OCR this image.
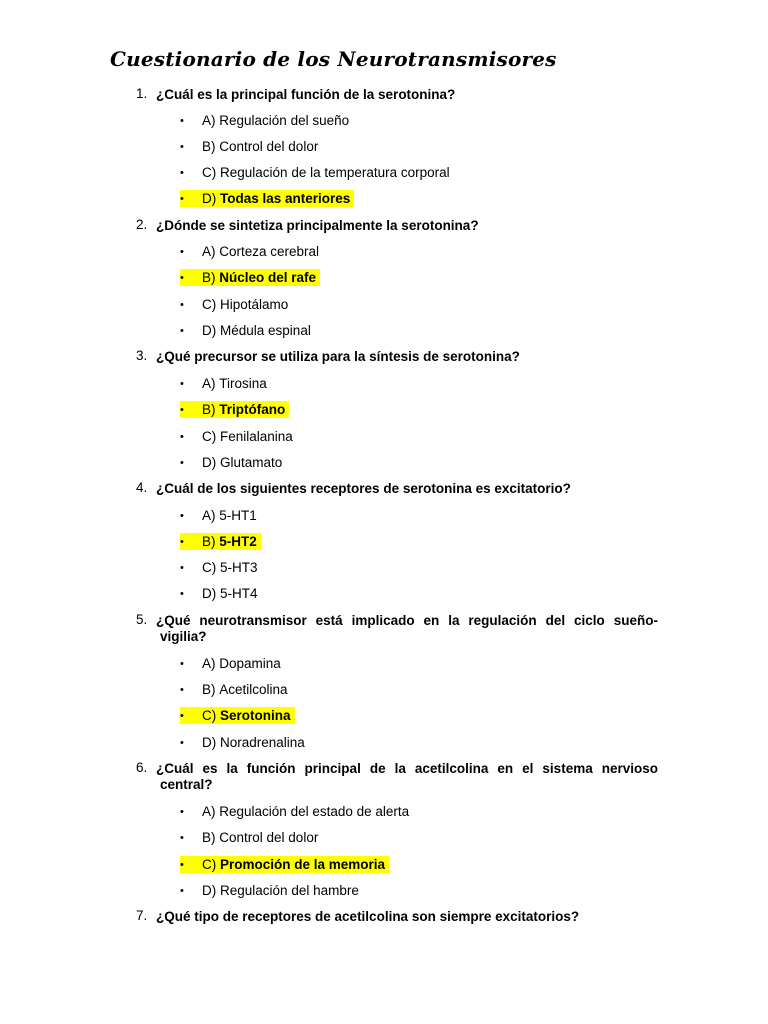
Cuestionario de los Neurotransmisores
1. ¿Cuál es la principal función de la serotonina?
•	A)
Regulación del sueño
•	B)
Control del dolor
•	C)
Regulación de la temperatura corporal
•	D)
Todas las anteriores
2. ¿Dónde se sintetiza principalmente la serotonina?
•	A)
Corteza cerebral
•	B)
Núcleo del rafe
•	C)
Hipotálamo
•	D)
Médula espinal
3. ¿Qué precursor se utiliza para la síntesis de serotonina?
•	A)
Tirosina
•	B)
Triptófano
•	C)
Fenilalanina
•	D)
Glutamato
4. ¿Cuál de los siguientes receptores de serotonina es excitatorio?
•	A)
5-HT1
•	B)
5-HT2
•	C)
5-HT3
•	D)
5-HT4
5. ¿Qué neurotransmisor está implicado en la regulación del ciclo sueño-
vigilia?
•	A)
Dopamina
•	B)
Acetilcolina
•	C)
Serotonina
•	D)
Noradrenalina
6. ¿Cuál es la función principal de la acetilcolina en el sistema nervioso
central?
•	A)
Regulación del estado de alerta
•	B)
Control del dolor
•	C)
Promoción de la memoria
•	D)
Regulación del hambre
7. ¿Qué tipo de receptores de acetilcolina son siempre excitatorios?
